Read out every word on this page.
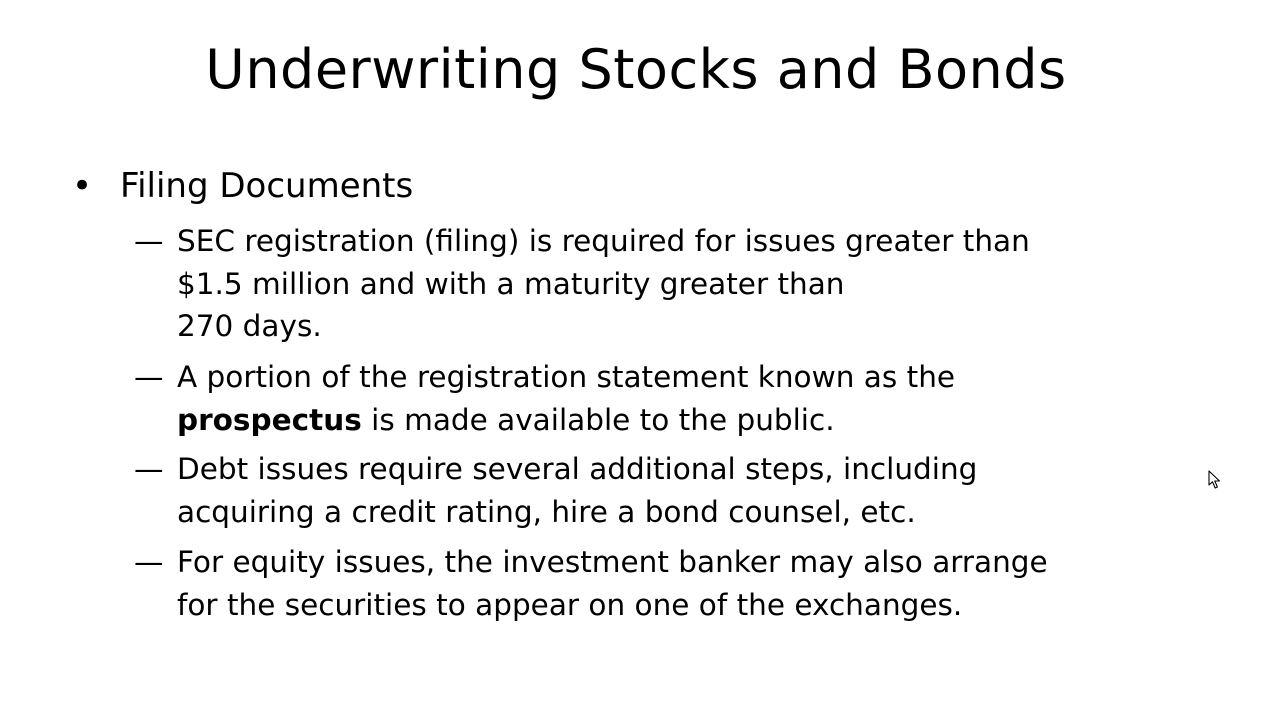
Underwriting Stocks and Bonds
• Filing Documents
— SEC registration (filing) is required for issues greater than
$1.5 million and with a maturity greater than
270 days.
— A portion of the registration statement known as the
prospectus is made available to the public.
— Debt issues require several additional steps, including
acquiring a credit rating, hire a bond counsel, etc.
— For equity issues, the investment banker may also arrange
for the securities to appear on one of the exchanges.
